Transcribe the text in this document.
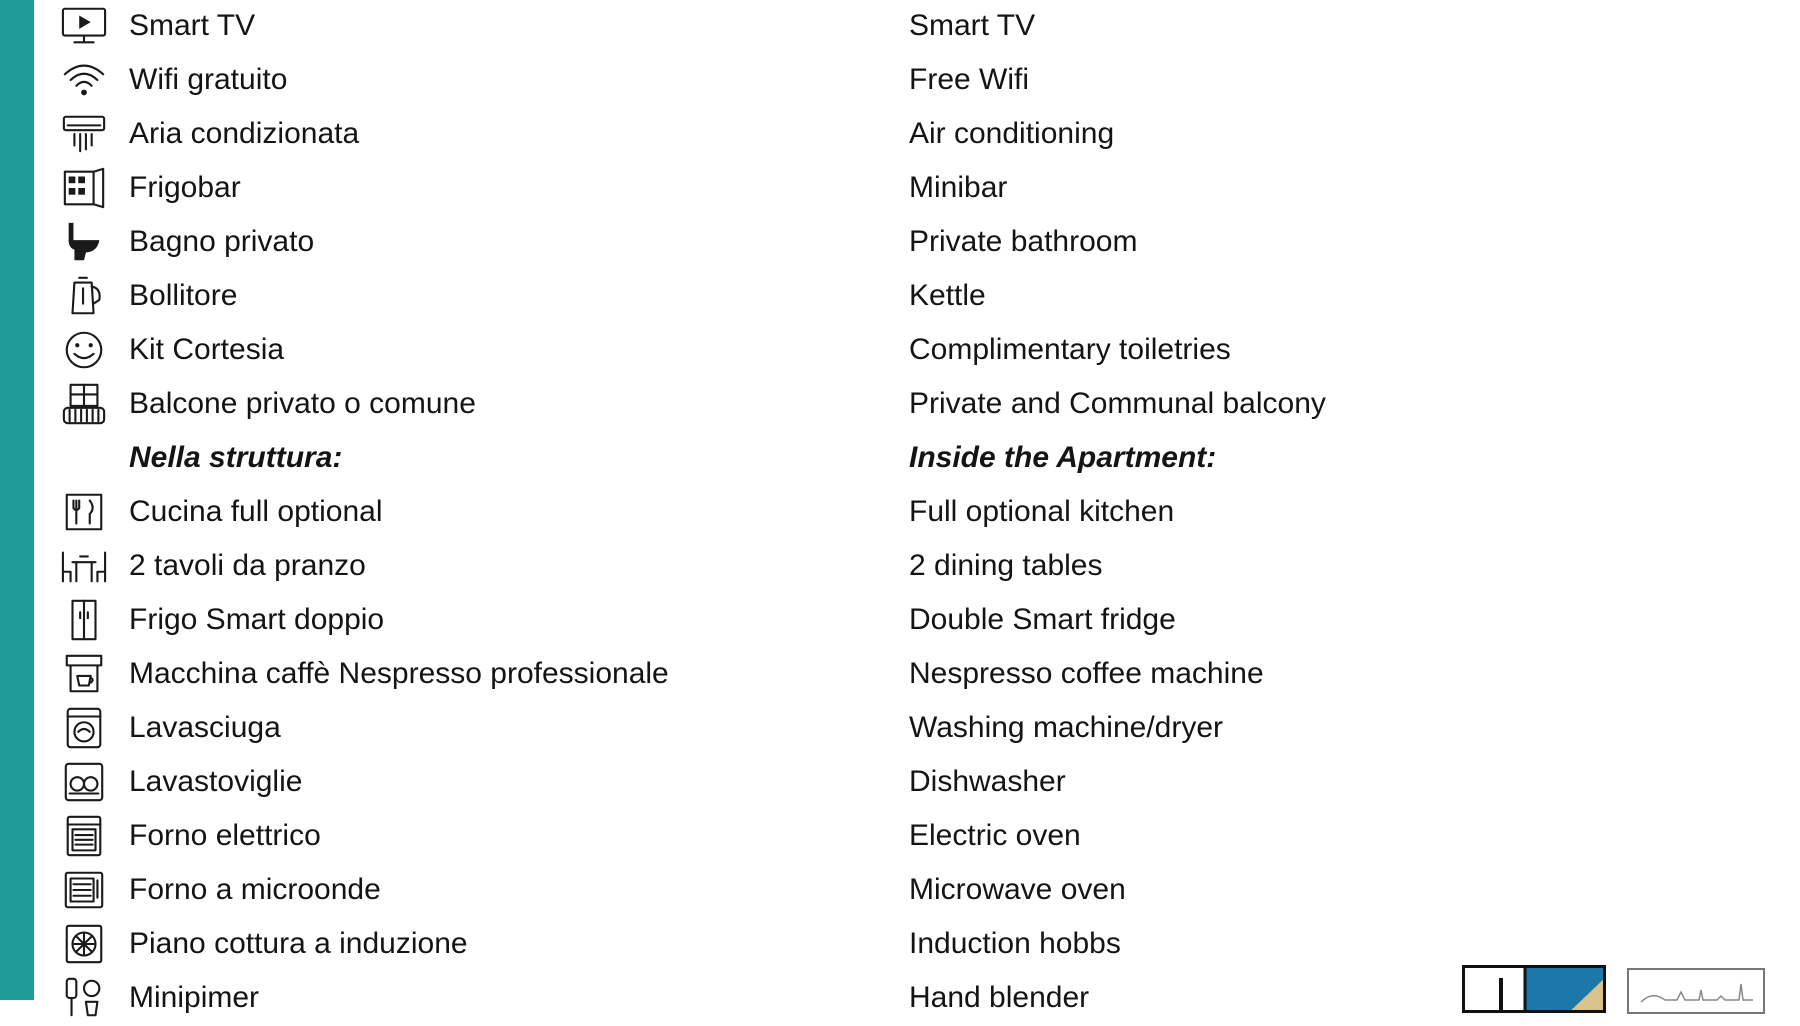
Smart TV	Smart TV
Wifi gratuito	Free Wifi
Aria condizionata	Air conditioning
Frigobar	Minibar
Bagno privato	Private bathroom
Bollitore	Kettle
Kit Cortesia	Complimentary toiletries
Balcone privato o comune	Private and Communal balcony
Nella struttura:	Inside the Apartment:
Cucina full optional	Full optional kitchen
2 tavoli da pranzo	2 dining tables
Frigo Smart doppio	Double Smart fridge
Macchina caffè Nespresso professionale	Nespresso coffee machine
Lavasciuga	Washing machine/dryer
Lavastoviglie	Dishwasher
Forno elettrico	Electric oven
Forno a microonde	Microwave oven
Piano cottura a induzione	Induction hobbs
Minipimer	Hand blender
